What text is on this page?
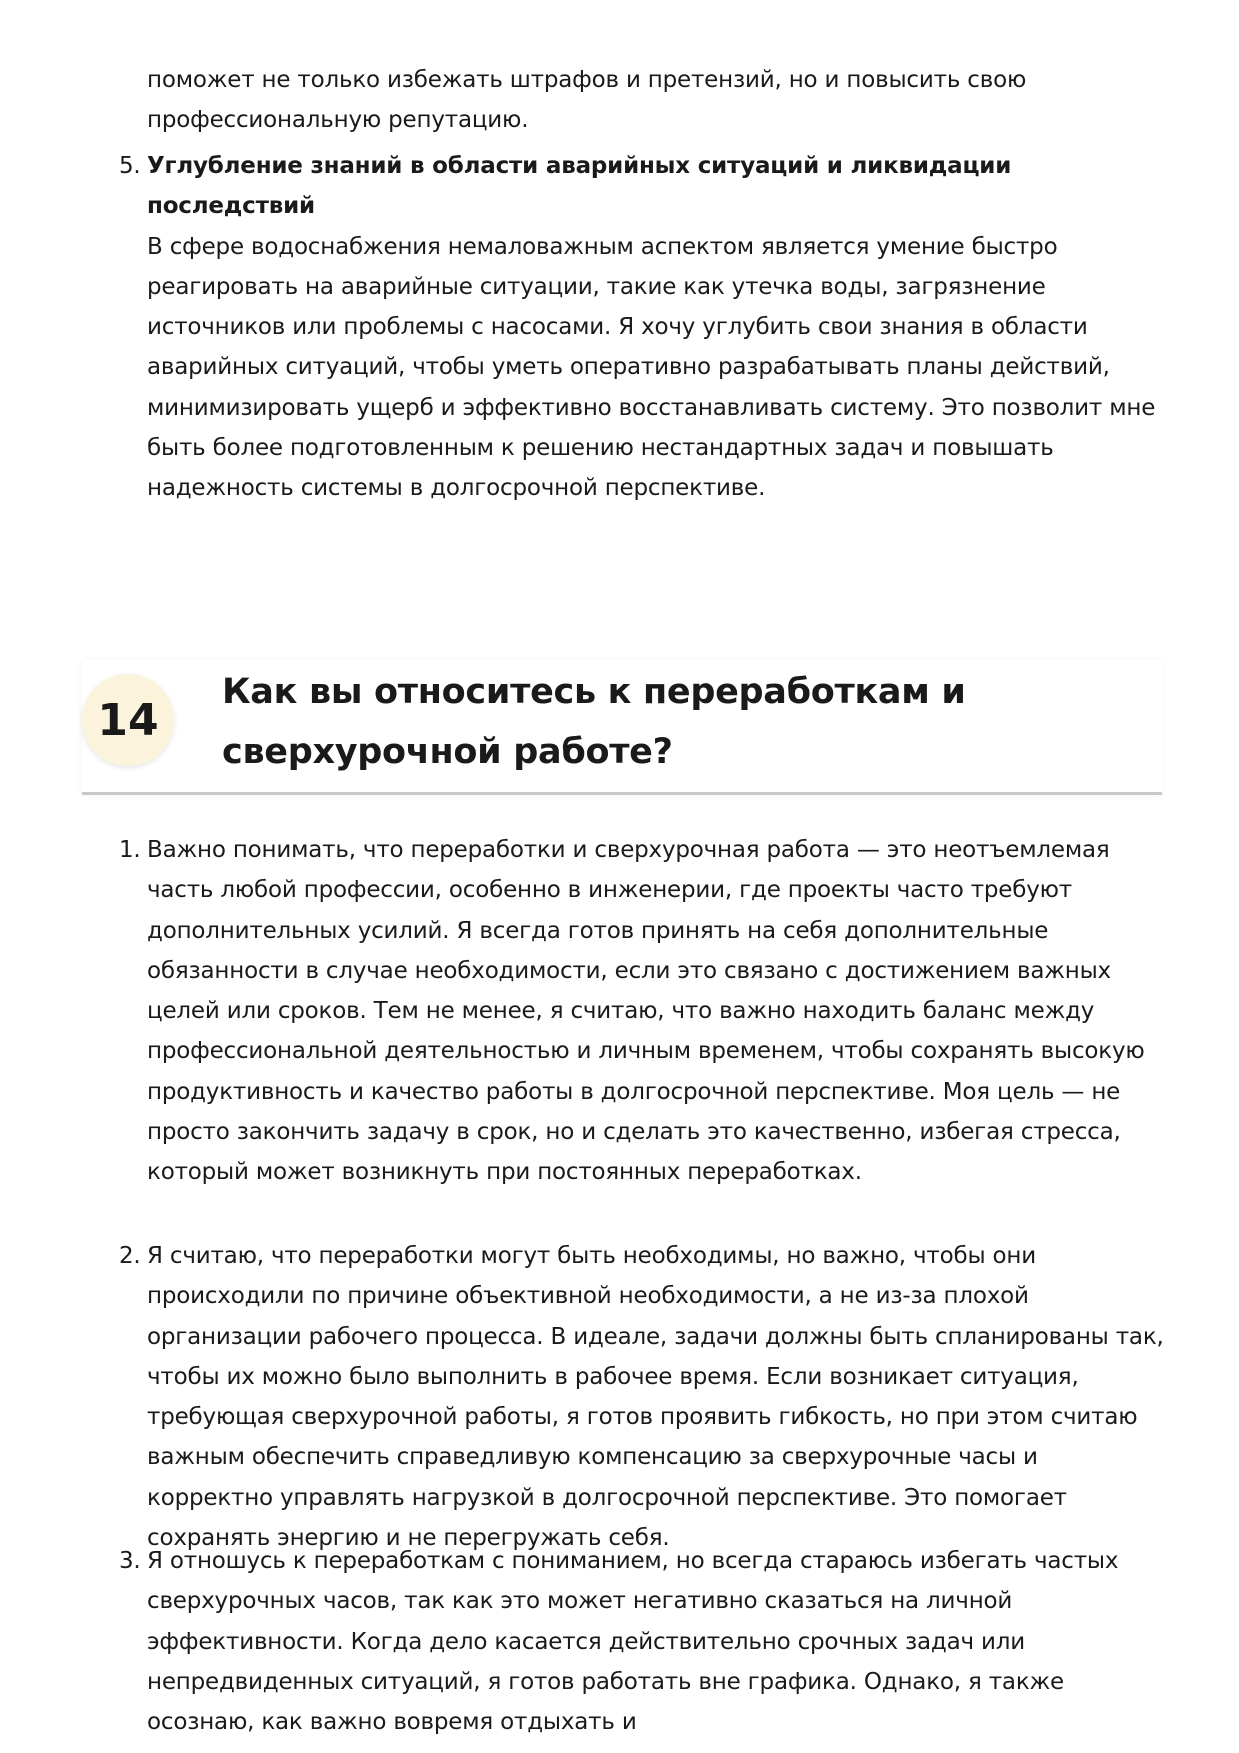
поможет не только избежать штрафов и претензий, но и повысить свою профессиональную репутацию.

5. Углубление знаний в области аварийных ситуаций и ликвидации последствий
В сфере водоснабжения немаловажным аспектом является умение быстро реагировать на аварийные ситуации, такие как утечка воды, загрязнение источников или проблемы с насосами. Я хочу углубить свои знания в области аварийных ситуаций, чтобы уметь оперативно разрабатывать планы действий, минимизировать ущерб и эффективно восстанавливать систему. Это позволит мне быть более подготовленным к решению нестандартных задач и повышать надежность системы в долгосрочной перспективе.
14
Как вы относитесь к переработкам и сверхурочной работе?
1. Важно понимать, что переработки и сверхурочная работа — это неотъемлемая часть любой профессии, особенно в инженерии, где проекты часто требуют дополнительных усилий. Я всегда готов принять на себя дополнительные обязанности в случае необходимости, если это связано с достижением важных целей или сроков. Тем не менее, я считаю, что важно находить баланс между профессиональной деятельностью и личным временем, чтобы сохранять высокую продуктивность и качество работы в долгосрочной перспективе. Моя цель — не просто закончить задачу в срок, но и сделать это качественно, избегая стресса, который может возникнуть при постоянных переработках.
2. Я считаю, что переработки могут быть необходимы, но важно, чтобы они происходили по причине объективной необходимости, а не из-за плохой организации рабочего процесса. В идеале, задачи должны быть спланированы так, чтобы их можно было выполнить в рабочее время. Если возникает ситуация, требующая сверхурочной работы, я готов проявить гибкость, но при этом считаю важным обеспечить справедливую компенсацию за сверхурочные часы и корректно управлять нагрузкой в долгосрочной перспективе. Это помогает сохранять энергию и не перегружать себя.
3. Я отношусь к переработкам с пониманием, но всегда стараюсь избегать частых сверхурочных часов, так как это может негативно сказаться на личной эффективности. Когда дело касается действительно срочных задач или непредвиденных ситуаций, я готов работать вне графика. Однако, я также осознаю, как важно вовремя отдыхать и
